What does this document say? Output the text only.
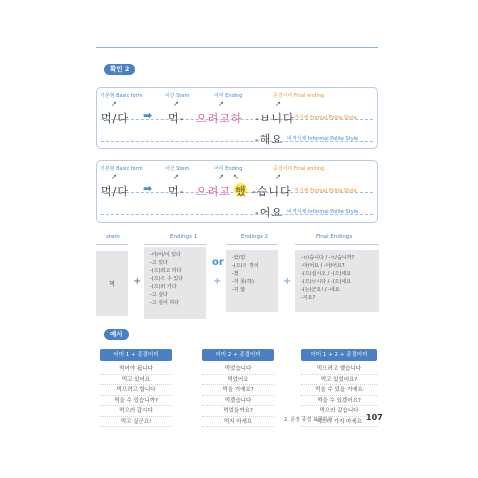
확인 2
기본형 Basic form	어간 Stem	어미 Ending	종결어미 Final ending
↗	↗	↗	↗
먹/다 ➡ 먹- 으려고하 -ㅂ니다 격식체 Formal Polite Style
-해요 비격식체 Informal Polite Style
기본형 Basic form	어간 Stem	어미 Ending	종결어미 Final ending
↗	↗	↗ ↖	↗
먹/다 ➡ 먹- 으려고 했 -습니다 격식체 Formal Polite Style
-어요 비격식체 Informal Polite Style
stem	Endings 1	Endings 2	Final Endings
먹	+
-아/어/이 있다
-고 있다
-(으)려고 하다
-(으)ㄹ 수 있다
-(으)러 가다
-고 싶다
-고 싶어 하다
or
+
-았/었
-(으)ㄹ 것이
-겠
-지 못(하)
-지 않
+
-ㅂ/습니다 / -ㅂ/습니까?
-아/어요 / -아/어요?
-(으)십시오 / -(으)세요
-(으)ㅂ시다 / -(으)세요
-(는)군요! / -네요
-지요?
예시
어미 1 + 종결어미
먹어야 됩니다
먹고 있어요
먹으려고 합니다
먹을 수 있습니까?
먹으러 갑시다
먹고 싶군요!
어미 2 + 종결어미
먹었습니다
먹었어요
먹을 거예요?
먹겠습니다
먹었을까요?
먹지 마세요
어미 1 + 2 + 종결어미
먹으려고 했습니다
먹고 있었어요?
먹을 수 있을 거예요
먹을 수 있겠어요?
먹으러 갔습니다
먹으러 가지 마세요
2. 문장 종결 표현하기	107
